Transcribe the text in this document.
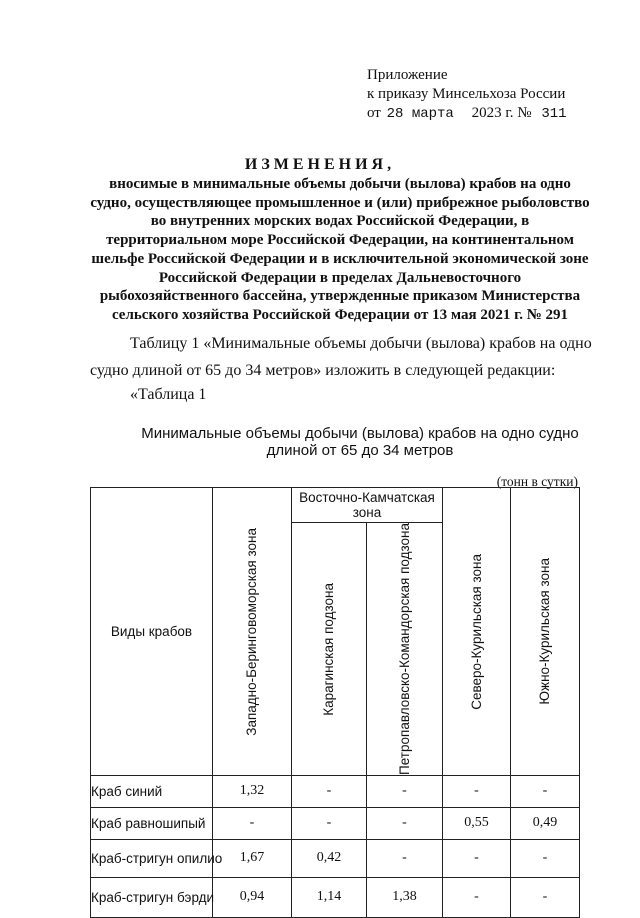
Приложение
к приказу Минсельхоза России
от 28 марта 2023 г. № 311
ИЗМЕНЕНИЯ,
вносимые в минимальные объемы добычи (вылова) крабов на одно судно, осуществляющее промышленное и (или) прибрежное рыболовство во внутренних морских водах Российской Федерации, в территориальном море Российской Федерации, на континентальном шельфе Российской Федерации и в исключительной экономической зоне Российской Федерации в пределах Дальневосточного рыбохозяйственного бассейна, утвержденные приказом Министерства сельского хозяйства Российской Федерации от 13 мая 2021 г. № 291
Таблицу 1 «Минимальные объемы добычи (вылова) крабов на одно
судно длиной от 65 до 34 метров» изложить в следующей редакции:
«Таблица 1
Минимальные объемы добычи (вылова) крабов на одно судно
длиной от 65 до 34 метров
(тонн в сутки)
Виды крабов	Западно-Беринговоморская зона	Восточно-Камчатская зона		Северо-Курильская зона	Южно-Курильская зона

		Карагинская подзона	Петропавловско-Командорская подзона		

Краб синий	1,32	-	-	-	-
Краб равношипый	-	-	-	0,55	0,49
Краб-стригун опилио	1,67	0,42	-	-	-
Краб-стригун бэрди	0,94	1,14	1,38	-	-
